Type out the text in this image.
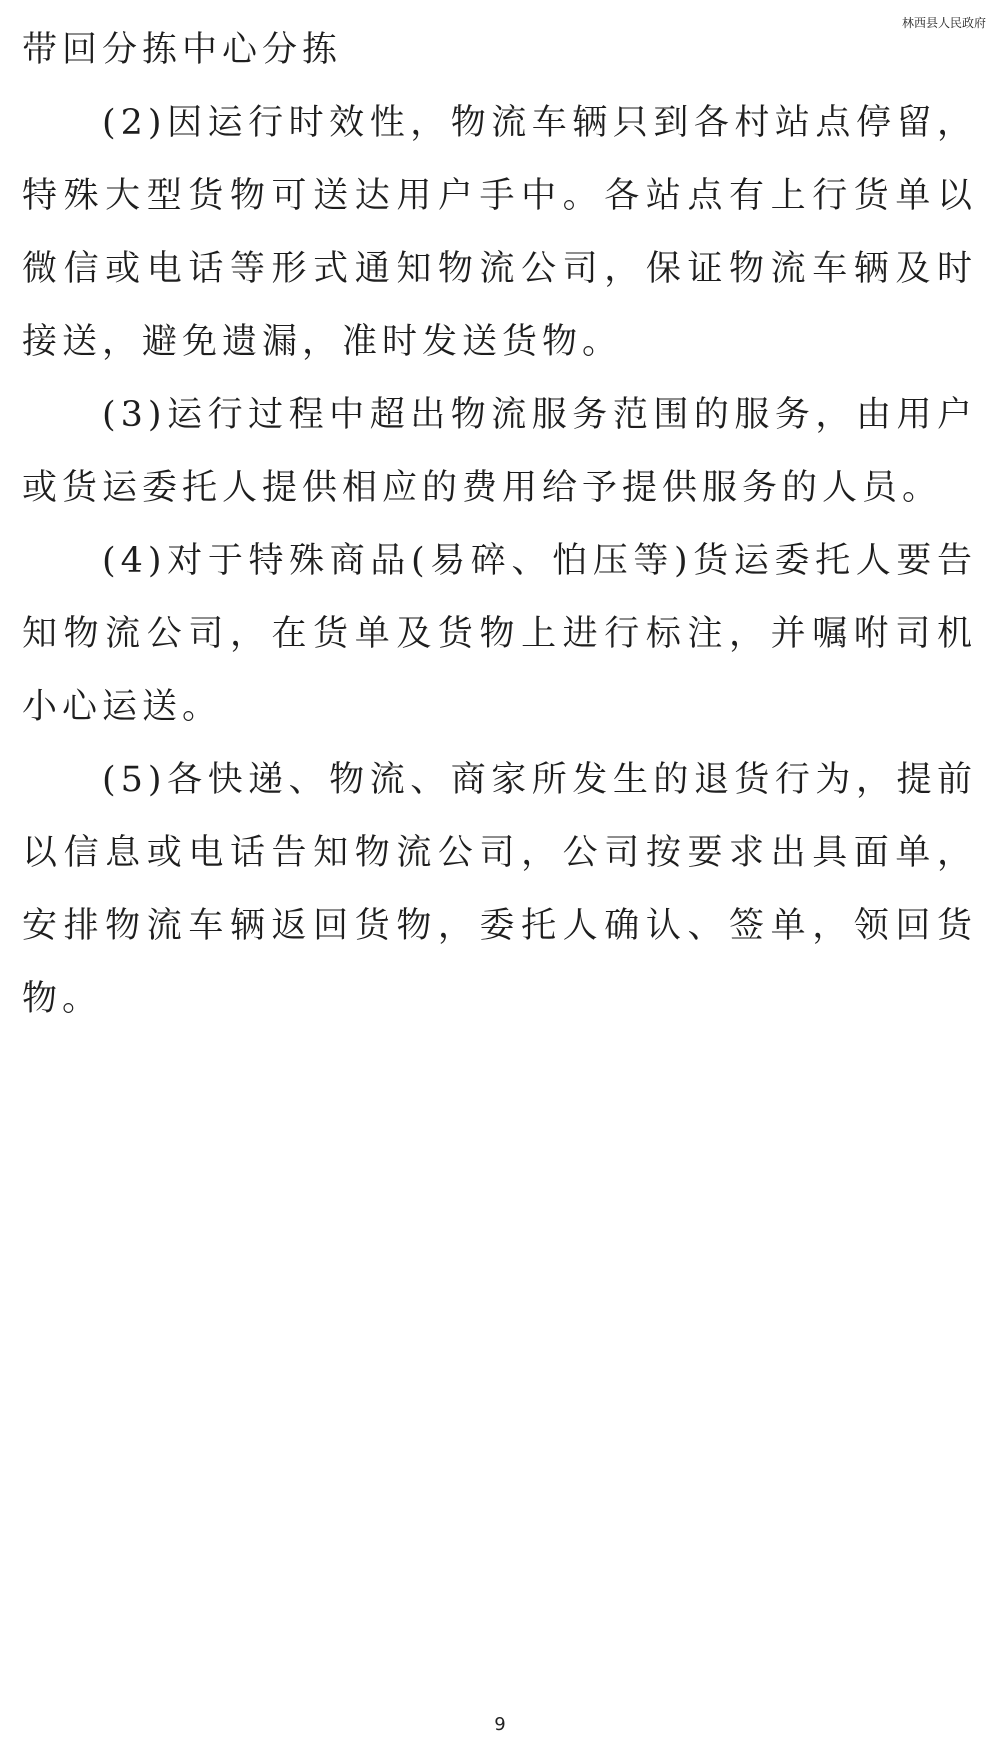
林西县人民政府

带回分拣中心分拣

(2)因运行时效性，物流车辆只到各村站点停留，特殊大型货物可送达用户手中。各站点有上行货单以微信或电话等形式通知物流公司，保证物流车辆及时接送，避免遗漏，准时发送货物。

(3)运行过程中超出物流服务范围的服务，由用户或货运委托人提供相应的费用给予提供服务的人员。

(4)对于特殊商品(易碎、怕压等)货运委托人要告知物流公司，在货单及货物上进行标注，并嘱咐司机小心运送。

(5)各快递、物流、商家所发生的退货行为，提前以信息或电话告知物流公司，公司按要求出具面单，安排物流车辆返回货物，委托人确认、签单，领回货物。

9
